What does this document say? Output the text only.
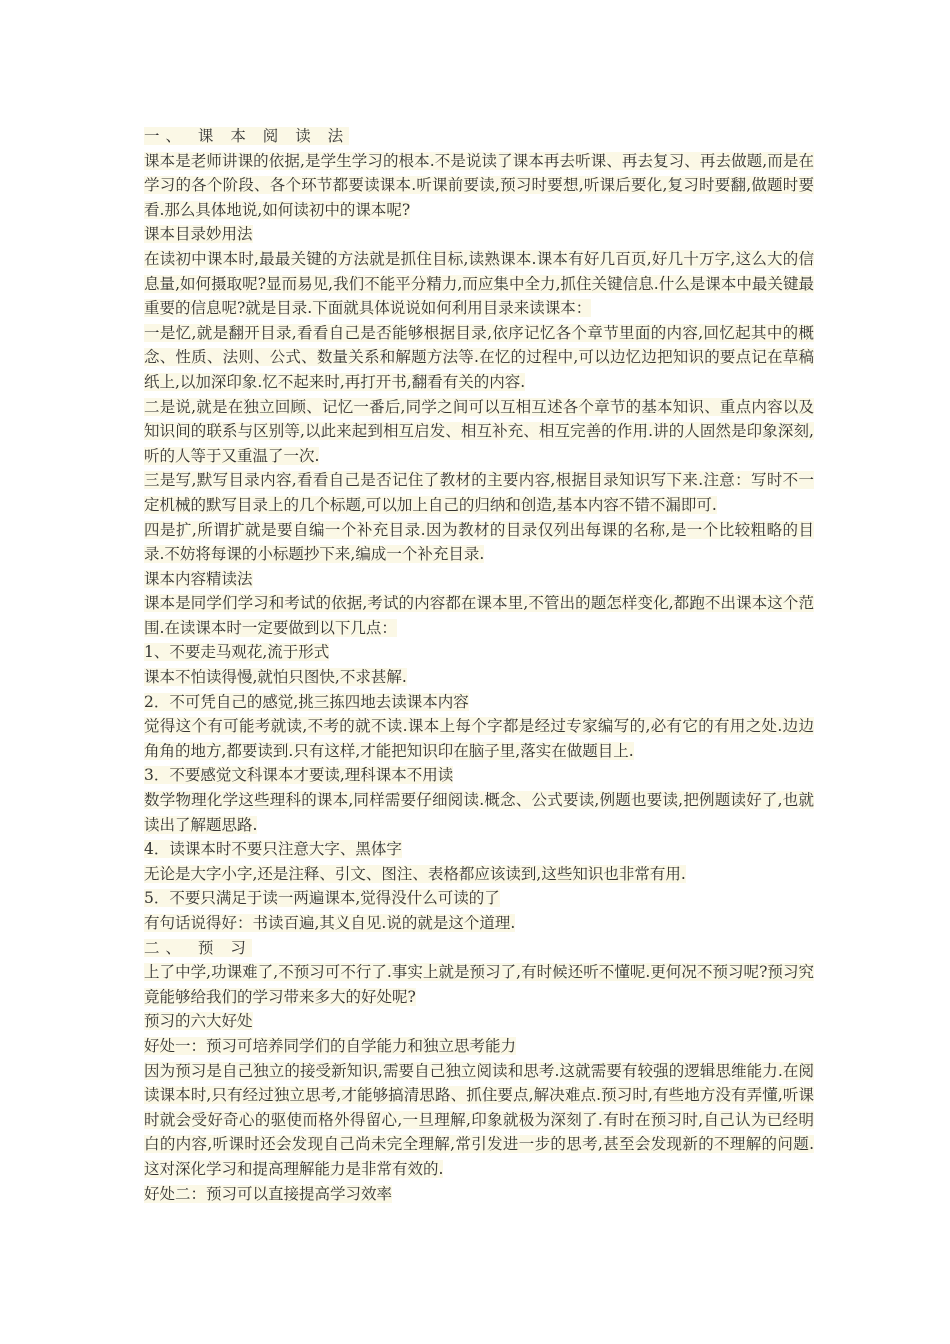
一、 课 本 阅 读 法

课本是老师讲课的依据,是学生学习的根本.不是说读了课本再去听课、再去复习、再去做题,而是在学习的各个阶段、各个环节都要读课本.听课前要读,预习时要想,听课后要化,复习时要翻,做题时要看.那么具体地说,如何读初中的课本呢?

课本目录妙用法

在读初中课本时,最最关键的方法就是抓住目标,读熟课本.课本有好几百页,好几十万字,这么大的信息量,如何摄取呢?显而易见,我们不能平分精力,而应集中全力,抓住关键信息.什么是课本中最关键最重要的信息呢?就是目录.下面就具体说说如何利用目录来读课本：

一是忆,就是翻开目录,看看自己是否能够根据目录,依序记忆各个章节里面的内容,回忆起其中的概念、性质、法则、公式、数量关系和解题方法等.在忆的过程中,可以边忆边把知识的要点记在草稿纸上,以加深印象.忆不起来时,再打开书,翻看有关的内容.

二是说,就是在独立回顾、记忆一番后,同学之间可以互相互述各个章节的基本知识、重点内容以及知识间的联系与区别等,以此来起到相互启发、相互补充、相互完善的作用.讲的人固然是印象深刻,听的人等于又重温了一次.

三是写,默写目录内容,看看自己是否记住了教材的主要内容,根据目录知识写下来.注意：写时不一定机械的默写目录上的几个标题,可以加上自己的归纳和创造,基本内容不错不漏即可.

四是扩,所谓扩就是要自编一个补充目录.因为教材的目录仅列出每课的名称,是一个比较粗略的目录.不妨将每课的小标题抄下来,编成一个补充目录.

课本内容精读法

课本是同学们学习和考试的依据,考试的内容都在课本里,不管出的题怎样变化,都跑不出课本这个范围.在读课本时一定要做到以下几点：

1、不要走马观花,流于形式

课本不怕读得慢,就怕只图快,不求甚解.

2．不可凭自己的感觉,挑三拣四地去读课本内容

觉得这个有可能考就读,不考的就不读.课本上每个字都是经过专家编写的,必有它的有用之处.边边角角的地方,都要读到.只有这样,才能把知识印在脑子里,落实在做题目上.

3．不要感觉文科课本才要读,理科课本不用读

数学物理化学这些理科的课本,同样需要仔细阅读.概念、公式要读,例题也要读,把例题读好了,也就读出了解题思路.

4．读课本时不要只注意大字、黑体字

无论是大字小字,还是注释、引文、图注、表格都应该读到,这些知识也非常有用.

5．不要只满足于读一两遍课本,觉得没什么可读的了

有句话说得好：书读百遍,其义自见.说的就是这个道理.

二、 预 习

上了中学,功课难了,不预习可不行了.事实上就是预习了,有时候还听不懂呢.更何况不预习呢?预习究竟能够给我们的学习带来多大的好处呢?

预习的六大好处

好处一：预习可培养同学们的自学能力和独立思考能力

因为预习是自己独立的接受新知识,需要自己独立阅读和思考.这就需要有较强的逻辑思维能力.在阅读课本时,只有经过独立思考,才能够搞清思路、抓住要点,解决难点.预习时,有些地方没有弄懂,听课时就会受好奇心的驱使而格外得留心,一旦理解,印象就极为深刻了.有时在预习时,自己认为已经明白的内容,听课时还会发现自己尚未完全理解,常引发进一步的思考,甚至会发现新的不理解的问题.这对深化学习和提高理解能力是非常有效的.

好处二：预习可以直接提高学习效率
